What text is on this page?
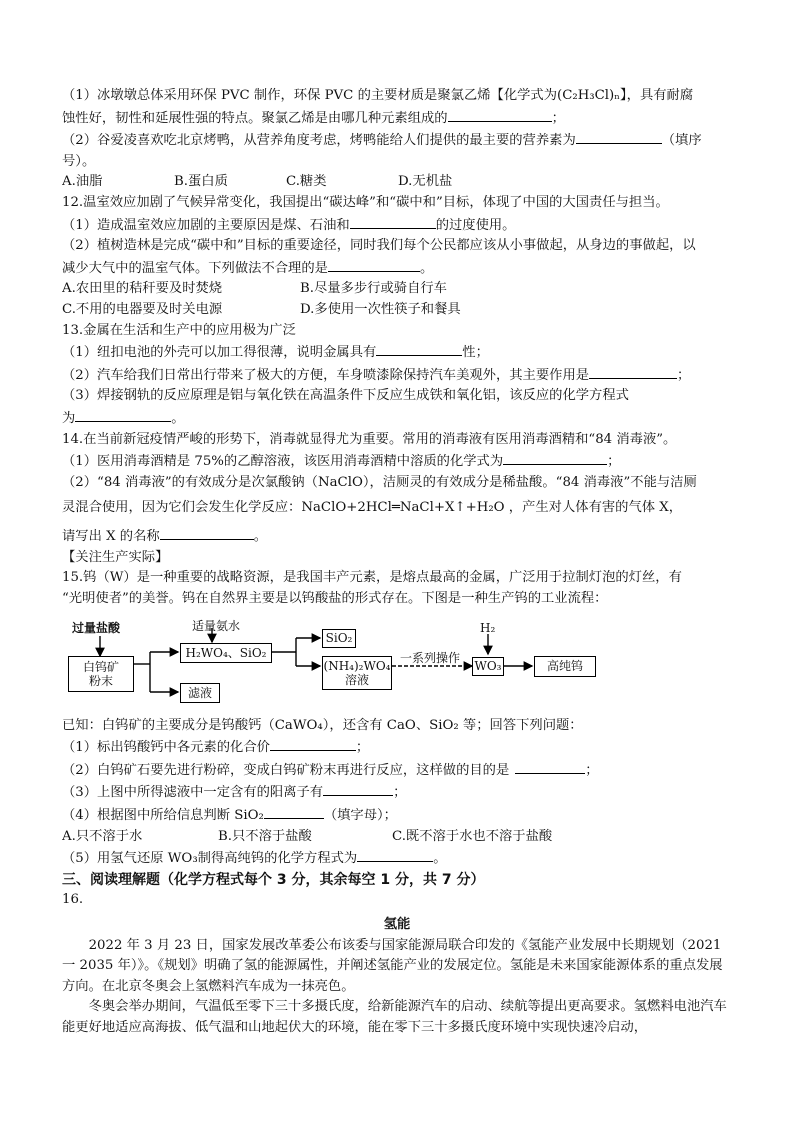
（1）冰墩墩总体采用环保 PVC 制作，环保 PVC 的主要材质是聚氯乙烯【化学式为(C₂H₃Cl)ₙ】，具有耐腐
蚀性好，韧性和延展性强的特点。聚氯乙烯是由哪几种元素组成的	；
（2）谷爱凌喜欢吃北京烤鸭，从营养角度考虑，烤鸭能给人们提供的最主要的营养素为	（填序
号）。
A.油脂	B.蛋白质	C.糖类	D.无机盐
12.温室效应加剧了气候异常变化，我国提出“碳达峰”和“碳中和”目标，体现了中国的大国责任与担当。
（1）造成温室效应加剧的主要原因是煤、石油和	的过度使用。
（2）植树造林是完成“碳中和”目标的重要途径，同时我们每个公民都应该从小事做起，从身边的事做起，以
减少大气中的温室气体。下列做法不合理的是	。
A.农田里的秸秆要及时焚烧	B.尽量多步行或骑自行车
C.不用的电器要及时关电源	D.多使用一次性筷子和餐具
13.金属在生活和生产中的应用极为广泛
（1）纽扣电池的外壳可以加工得很薄，说明金属具有	性；
（2）汽车给我们日常出行带来了极大的方便，车身喷漆除保持汽车美观外，其主要作用是	；
（3）焊接钢轨的反应原理是铝与氧化铁在高温条件下反应生成铁和氧化铝，该反应的化学方程式
为	。
14.在当前新冠疫情严峻的形势下，消毒就显得尤为重要。常用的消毒液有医用消毒酒精和“84 消毒液”。
（1）医用消毒酒精是 75%的乙醇溶液，该医用消毒酒精中溶质的化学式为	；
（2）“84 消毒液”的有效成分是次氯酸钠（NaClO），洁厕灵的有效成分是稀盐酸。“84 消毒液”不能与洁厕
灵混合使用，因为它们会发生化学反应：NaClO+2HCl═NaCl+X↑+H₂O ，产生对人体有害的气体 X，
请写出 X 的名称	。
【关注生产实际】
15.钨（W）是一种重要的战略资源，是我国丰产元素，是熔点最高的金属，广泛用于拉制灯泡的灯丝，有
“光明使者”的美誉。钨在自然界主要是以钨酸盐的形式存在。下图是一种生产钨的工业流程：
过量盐酸
白钨矿
粉末
适量氨水
H₂WO₄、SiO₂
滤液
SiO₂
(NH₄)₂WO₄
溶液
一系列操作
H₂
WO₃	高纯钨
已知：白钨矿的主要成分是钨酸钙（CaWO₄），还含有 CaO、SiO₂ 等；回答下列问题：
（1）标出钨酸钙中各元素的化合价	；
（2）白钨矿石要先进行粉碎，变成白钨矿粉末再进行反应，这样做的目的是	；
（3）上图中所得滤液中一定含有的阳离子有	；
（4）根据图中所给信息判断 SiO₂	（填字母）；
A.只不溶于水	B.只不溶于盐酸	C.既不溶于水也不溶于盐酸
（5）用氢气还原 WO₃制得高纯钨的化学方程式为	。
三、阅读理解题（化学方程式每个 3 分，其余每空 1 分，共 7 分）
16.
氢能
2022 年 3 月 23 日，国家发展改革委公布该委与国家能源局联合印发的《氢能产业发展中长期规划（2021 一 2035 年）》。《规划》明确了氢的能源属性，并阐述氢能产业的发展定位。氢能是未来国家能源体系的重点发展方向。在北京冬奥会上氢燃料汽车成为一抹亮色。
冬奥会举办期间，气温低至零下三十多摄氏度，给新能源汽车的启动、续航等提出更高要求。氢燃料电池汽车能更好地适应高海拔、低气温和山地起伏大的环境，能在零下三十多摄氏度环境中实现快速冷启动，
